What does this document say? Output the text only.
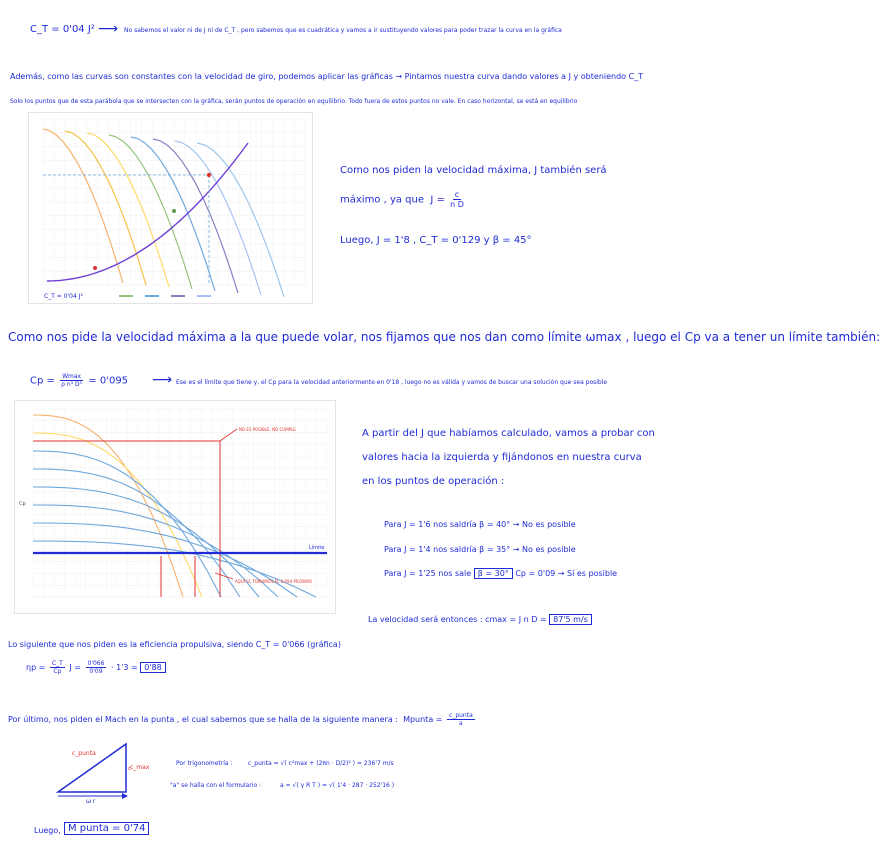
C_T = 0'04 J² ⟶ No sabemos el valor ni de J ni de C_T , pero sabemos que es cuadrática y vamos a ir sustituyendo valores para poder trazar la curva en la gráfica
Además, como las curvas son constantes con la velocidad de giro, podemos aplicar las gráficas → Pintamos nuestra curva dando valores a J y obteniendo C_T
Solo los puntos que de esta parábola que se intersecten con la gráfica, serán puntos de operación en equilibrio. Todo fuera de estos puntos no vale. En caso horizontal, se está en equilibrio
C_T = 0'04 J²
Como nos piden la velocidad máxima, J también será
máximo , ya que $J = \frac{c}{\text{n D}}$
Luego, J = 1'8 , C_T = 0'129 y β = 45°
Como nos pide la velocidad máxima a la que puede volar, nos fijamos que nos dan como límite ωmax , luego el Cp va a tener un límite también:
$Cp = \frac{Wmax}{\text{ρ n³ D⁵}} = 0'095$ ⟶ Ese es el límite que tiene y, el Cp para la velocidad anteriormente en 0'18 , luego no es válida y vamos de buscar una solución que sea posible
NO ES POSIBLE, NO CUMPLE
AQUÍ SÍ, TOMAMOS EL 0.094 PRÓXIMO
Límite
Cp
A partir del J que habíamos calculado, vamos a probar con
valores hacia la izquierda y fijándonos en nuestra curva
en los puntos de operación :
Para J = 1'6 nos saldría β = 40° → No es posible
Para J = 1'4 nos saldría β = 35° → No es posible
Para J = 1'25 nos sale β = 30° Cp = 0'09 → Sí es posible
La velocidad será entonces : cmax = J n D = 87'5 m/s
Lo siguiente que nos piden es la eficiencia propulsiva, siendo C_T = 0'066 (gráfica)
$\eta p = \frac{C\_T}{Cp}$ $J = \frac{0'066}{0'09} \cdot 1'3 = 0'88$
Por último, nos piden el Mach en la punta , el cual sabemos que se halla de la siguiente manera : Mpunta = $\frac{\text{c\_punta}}{a}$
c
c_punta
c_max
ω r
Por trigonometría :	c_punta = √( c²max + (2πn · D/2)² ) = 236'7 m/s
"a" se halla con el formulario :	a = √( γ R T ) = √( 1'4 · 287 · 252'16 )
Luego, M punta = 0'74
